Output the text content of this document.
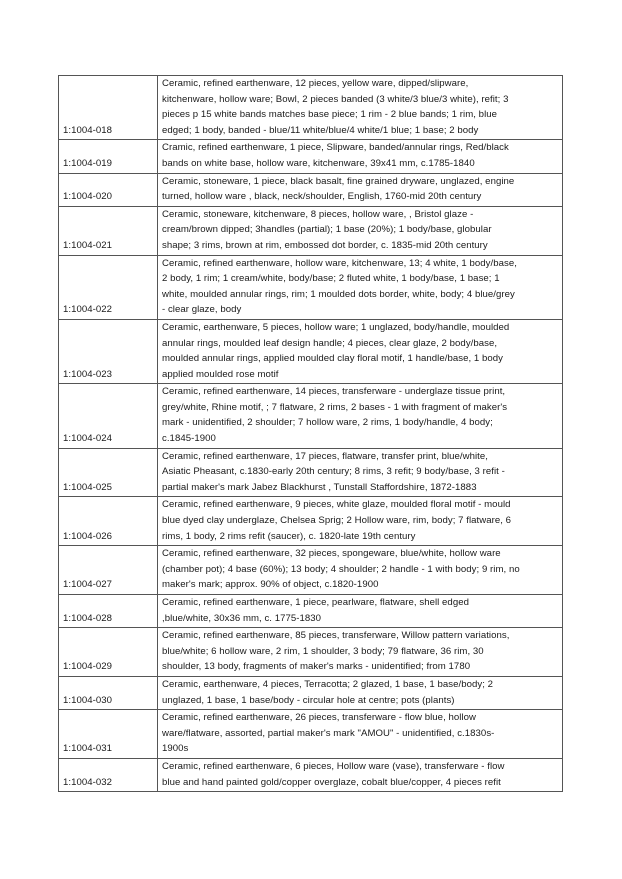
1:1004-018	Ceramic, refined earthenware, 12 pieces, yellow ware, dipped/slipware,
kitchenware, hollow ware; Bowl, 2 pieces banded (3 white/3 blue/3 white), refit; 3
pieces p 15 white bands matches base piece; 1 rim - 2 blue bands; 1 rim, blue
edged; 1 body, banded - blue/11 white/blue/4 white/1 blue; 1 base; 2 body

1:1004-019	Cramic, refined earthenware, 1 piece, Slipware, banded/annular rings, Red/black
bands on white base, hollow ware, kitchenware, 39x41 mm, c.1785-1840

1:1004-020	Ceramic, stoneware, 1 piece, black basalt, fine grained dryware, unglazed, engine
turned, hollow ware , black, neck/shoulder, English, 1760-mid 20th century

1:1004-021	Ceramic, stoneware, kitchenware, 8 pieces, hollow ware, , Bristol glaze -
cream/brown dipped; 3handles (partial); 1 base (20%); 1 body/base, globular
shape; 3 rims, brown at rim, embossed dot border, c. 1835-mid 20th century

1:1004-022	Ceramic, refined earthenware, hollow ware, kitchenware, 13; 4 white, 1 body/base,
2 body, 1 rim; 1 cream/white, body/base; 2 fluted white, 1 body/base, 1 base; 1
white, moulded annular rings, rim; 1 moulded dots border, white, body; 4 blue/grey
- clear glaze, body

1:1004-023	Ceramic, earthenware, 5 pieces, hollow ware; 1 unglazed, body/handle, moulded
annular rings, moulded leaf design handle; 4 pieces, clear glaze, 2 body/base,
moulded annular rings, applied moulded clay floral motif, 1 handle/base, 1 body
applied moulded rose motif

1:1004-024	Ceramic, refined earthenware, 14 pieces, transferware - underglaze tissue print,
grey/white, Rhine motif, ; 7 flatware, 2 rims, 2 bases - 1 with fragment of maker's
mark - unidentified, 2 shoulder; 7 hollow ware, 2 rims, 1 body/handle, 4 body;
c.1845-1900

1:1004-025	Ceramic, refined earthenware, 17 pieces, flatware, transfer print, blue/white,
Asiatic Pheasant, c.1830-early 20th century; 8 rims, 3 refit; 9 body/base, 3 refit -
partial maker's mark Jabez Blackhurst , Tunstall Staffordshire, 1872-1883

1:1004-026	Ceramic, refined earthenware, 9 pieces, white glaze, moulded floral motif - mould
blue dyed clay underglaze, Chelsea Sprig; 2 Hollow ware, rim, body; 7 flatware, 6
rims, 1 body, 2 rims refit (saucer), c. 1820-late 19th century

1:1004-027	Ceramic, refined earthenware, 32 pieces, spongeware, blue/white, hollow ware
(chamber pot); 4 base (60%); 13 body; 4 shoulder; 2 handle - 1 with body; 9 rim, no
maker's mark; approx. 90% of object, c.1820-1900

1:1004-028	Ceramic, refined earthenware, 1 piece, pearlware, flatware, shell edged
,blue/white, 30x36 mm, c. 1775-1830

1:1004-029	Ceramic, refined earthenware, 85 pieces, transferware, Willow pattern variations,
blue/white; 6 hollow ware, 2 rim, 1 shoulder, 3 body; 79 flatware, 36 rim, 30
shoulder, 13 body, fragments of maker's marks - unidentified; from 1780

1:1004-030	Ceramic, earthenware, 4 pieces, Terracotta; 2 glazed, 1 base, 1 base/body; 2
unglazed, 1 base, 1 base/body - circular hole at centre; pots (plants)

1:1004-031	Ceramic, refined earthenware, 26 pieces, transferware - flow blue, hollow
ware/flatware, assorted, partial maker's mark "AMOU" - unidentified, c.1830s-
1900s

1:1004-032	Ceramic, refined earthenware, 6 pieces, Hollow ware (vase), transferware - flow
blue and hand painted gold/copper overglaze, cobalt blue/copper, 4 pieces refit
